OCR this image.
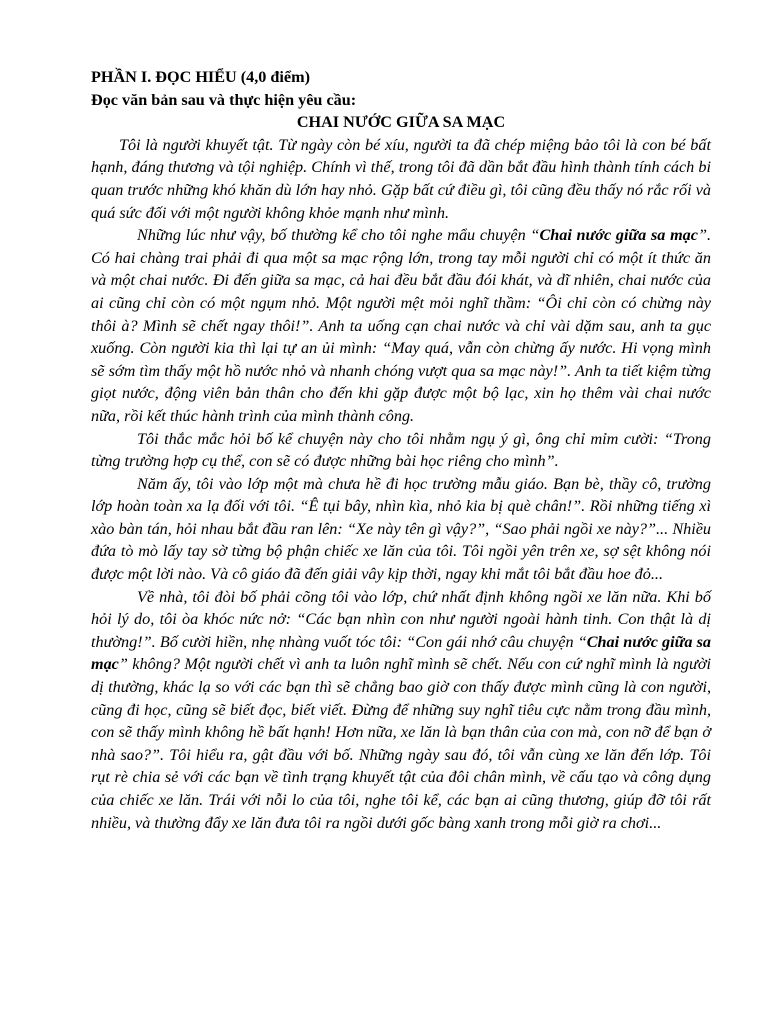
PHẦN I. ĐỌC HIỂU (4,0 điểm)

Đọc văn bản sau và thực hiện yêu cầu:

CHAI NƯỚC GIỮA SA MẠC

Tôi là người khuyết tật. Từ ngày còn bé xíu, người ta đã chép miệng bảo tôi là con bé bất hạnh, đáng thương và tội nghiệp. Chính vì thế, trong tôi đã dần bắt đầu hình thành tính cách bi quan trước những khó khăn dù lớn hay nhỏ. Gặp bất cứ điều gì, tôi cũng đều thấy nó rắc rối và quá sức đối với một người không khỏe mạnh như mình.

Những lúc như vậy, bố thường kể cho tôi nghe mẩu chuyện “Chai nước giữa sa mạc”. Có hai chàng trai phải đi qua một sa mạc rộng lớn, trong tay mỗi người chỉ có một ít thức ăn và một chai nước. Đi đến giữa sa mạc, cả hai đều bắt đầu đói khát, và dĩ nhiên, chai nước của ai cũng chỉ còn có một ngụm nhỏ. Một người mệt mỏi nghĩ thầm: “Ôi chỉ còn có chừng này thôi à? Mình sẽ chết ngay thôi!”. Anh ta uống cạn chai nước và chỉ vài dặm sau, anh ta gục xuống. Còn người kia thì lại tự an ủi mình: “May quá, vẫn còn chừng ấy nước. Hi vọng mình sẽ sớm tìm thấy một hồ nước nhỏ và nhanh chóng vượt qua sa mạc này!”. Anh ta tiết kiệm từng giọt nước, động viên bản thân cho đến khi gặp được một bộ lạc, xin họ thêm vài chai nước nữa, rồi kết thúc hành trình của mình thành công.

Tôi thắc mắc hỏi bố kể chuyện này cho tôi nhằm ngụ ý gì, ông chỉ mỉm cười: “Trong từng trường hợp cụ thể, con sẽ có được những bài học riêng cho mình”.

Năm ấy, tôi vào lớp một mà chưa hề đi học trường mẫu giáo. Bạn bè, thầy cô, trường lớp hoàn toàn xa lạ đối với tôi. “Ê tụi bây, nhìn kìa, nhỏ kia bị què chân!”. Rồi những tiếng xì xào bàn tán, hỏi nhau bắt đầu ran lên: “Xe này tên gì vậy?”, “Sao phải ngồi xe này?”... Nhiều đứa tò mò lấy tay sờ từng bộ phận chiếc xe lăn của tôi. Tôi ngồi yên trên xe, sợ sệt không nói được một lời nào. Và cô giáo đã đến giải vây kịp thời, ngay khi mắt tôi bắt đầu hoe đỏ...

Về nhà, tôi đòi bố phải cõng tôi vào lớp, chứ nhất định không ngồi xe lăn nữa. Khi bố hỏi lý do, tôi òa khóc nức nở: “Các bạn nhìn con như người ngoài hành tinh. Con thật là dị thường!”. Bố cười hiền, nhẹ nhàng vuốt tóc tôi: “Con gái nhớ câu chuyện “Chai nước giữa sa mạc” không? Một người chết vì anh ta luôn nghĩ mình sẽ chết. Nếu con cứ nghĩ mình là người dị thường, khác lạ so với các bạn thì sẽ chẳng bao giờ con thấy được mình cũng là con người, cũng đi học, cũng sẽ biết đọc, biết viết. Đừng để những suy nghĩ tiêu cực nằm trong đầu mình, con sẽ thấy mình không hề bất hạnh! Hơn nữa, xe lăn là bạn thân của con mà, con nỡ để bạn ở nhà sao?”. Tôi hiểu ra, gật đầu với bố. Những ngày sau đó, tôi vẫn cùng xe lăn đến lớp. Tôi rụt rè chia sẻ với các bạn về tình trạng khuyết tật của đôi chân mình, về cấu tạo và công dụng của chiếc xe lăn. Trái với nỗi lo của tôi, nghe tôi kể, các bạn ai cũng thương, giúp đỡ tôi rất nhiều, và thường đẩy xe lăn đưa tôi ra ngồi dưới gốc bàng xanh trong mỗi giờ ra chơi...
